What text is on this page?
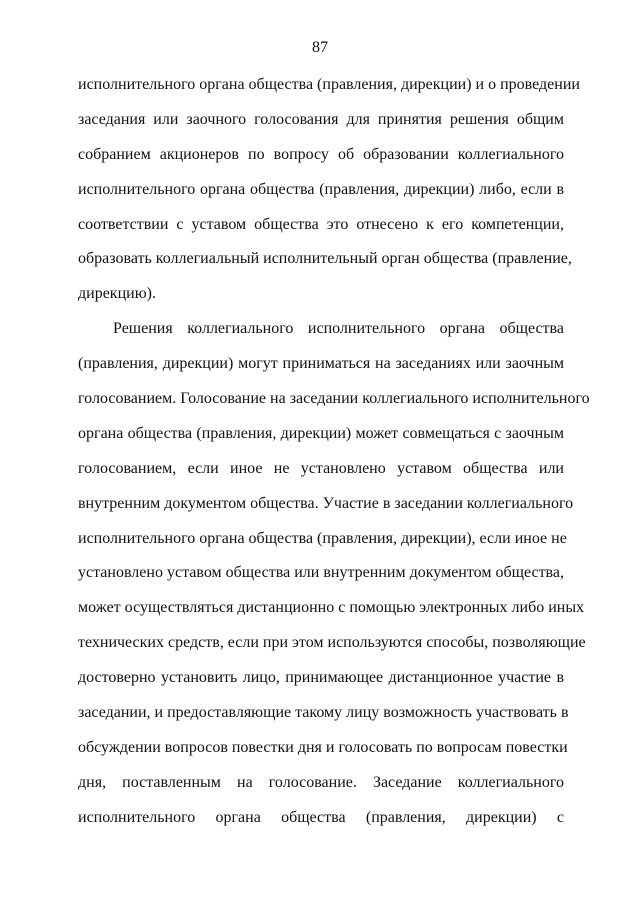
87
исполнительного органа общества (правления, дирекции) и о проведении
заседания или заочного голосования для принятия решения общим
собранием акционеров по вопросу об образовании коллегиального
исполнительного органа общества (правления, дирекции) либо, если в
соответствии с уставом общества это отнесено к его компетенции,
образовать коллегиальный исполнительный орган общества (правление,
дирекцию).
Решения коллегиального исполнительного органа общества
(правления, дирекции) могут приниматься на заседаниях или заочным
голосованием. Голосование на заседании коллегиального исполнительного
органа общества (правления, дирекции) может совмещаться с заочным
голосованием, если иное не установлено уставом общества или
внутренним документом общества. Участие в заседании коллегиального
исполнительного органа общества (правления, дирекции), если иное не
установлено уставом общества или внутренним документом общества,
может осуществляться дистанционно с помощью электронных либо иных
технических средств, если при этом используются способы, позволяющие
достоверно установить лицо, принимающее дистанционное участие в
заседании, и предоставляющие такому лицу возможность участвовать в
обсуждении вопросов повестки дня и голосовать по вопросам повестки
дня, поставленным на голосование. Заседание коллегиального
исполнительного органа общества (правления, дирекции) с
